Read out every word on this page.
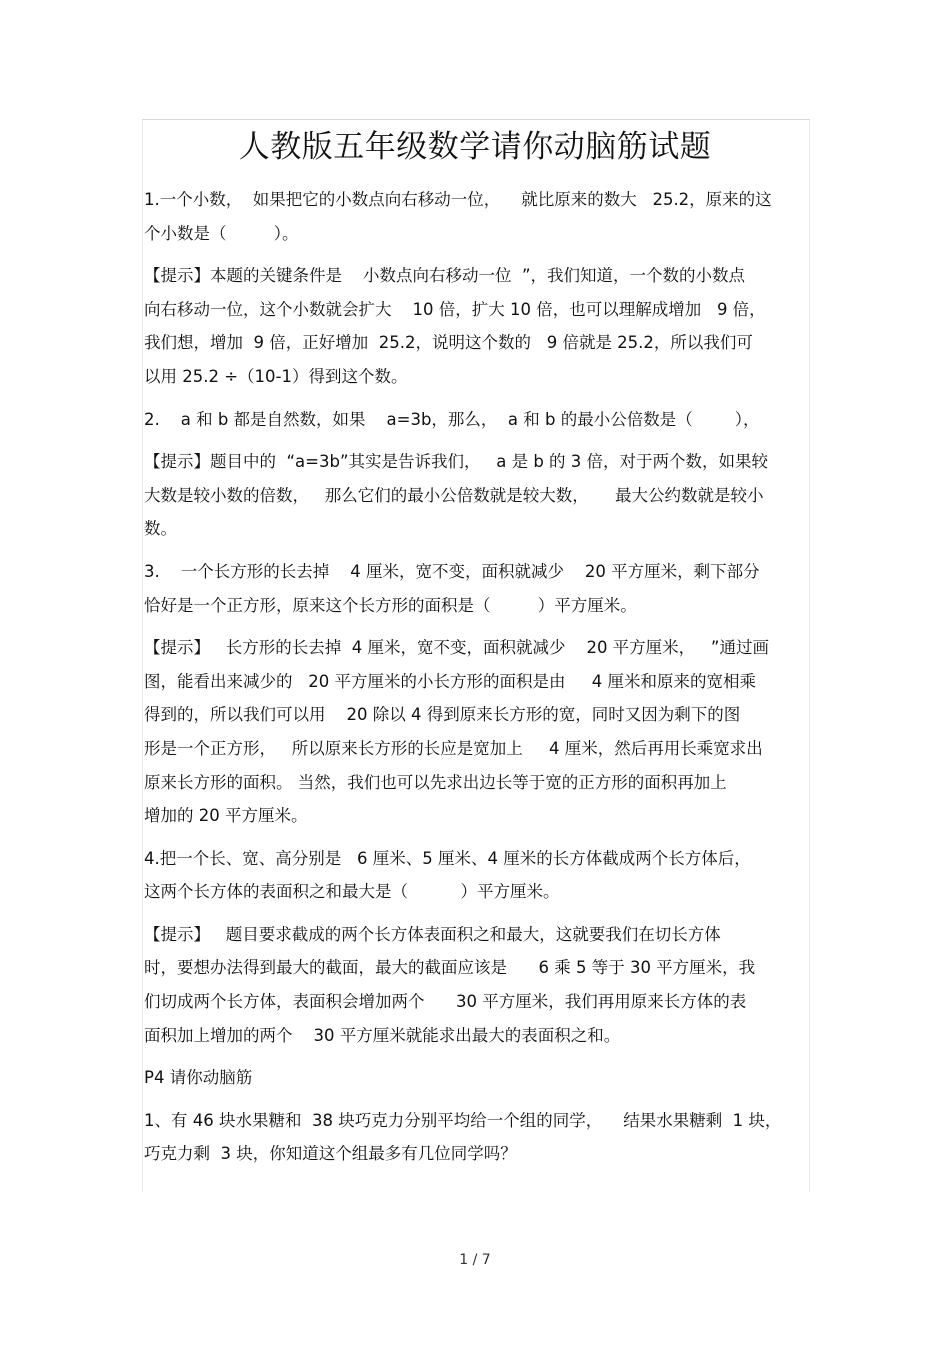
人教版五年级数学请你动脑筋试题
1.一个小数，  如果把它的小数点向右移动一位，    就比原来的数大   25.2，原来的这
个小数是（         ）。
【提示】本题的关键条件是    小数点向右移动一位  ”，我们知道，一个数的小数点
向右移动一位，这个小数就会扩大    10 倍，扩大 10 倍，也可以理解成增加   9 倍，
我们想，增加  9 倍，正好增加  25.2，说明这个数的   9 倍就是 25.2，所以我们可
以用 25.2 ÷（10-1）得到这个数。
2.    a 和 b 都是自然数，如果    a=3b，那么，  a 和 b 的最小公倍数是（        ），
【提示】题目中的  “a=3b”其实是告诉我们，   a 是 b 的 3 倍，对于两个数，如果较
大数是较小数的倍数，   那么它们的最小公倍数就是较大数，     最大公约数就是较小
数。
3.    一个长方形的长去掉    4 厘米，宽不变，面积就减少    20 平方厘米，剩下部分
恰好是一个正方形，原来这个长方形的面积是（         ）平方厘米。
【提示】   长方形的长去掉  4 厘米，宽不变，面积就减少    20 平方厘米，   ”通过画
图，能看出来减少的   20 平方厘米的小长方形的面积是由     4 厘米和原来的宽相乘
得到的，所以我们可以用    20 除以 4 得到原来长方形的宽，同时又因为剩下的图
形是一个正方形，   所以原来长方形的长应是宽加上     4 厘米，然后再用长乘宽求出
原来长方形的面积。 当然，我们也可以先求出边长等于宽的正方形的面积再加上
增加的 20 平方厘米。
4.把一个长、宽、高分别是   6 厘米、5 厘米、4 厘米的长方体截成两个长方体后，
这两个长方体的表面积之和最大是（          ）平方厘米。
【提示】   题目要求截成的两个长方体表面积之和最大，这就要我们在切长方体
时，要想办法得到最大的截面，最大的截面应该是      6 乘 5 等于 30 平方厘米，我
们切成两个长方体，表面积会增加两个      30 平方厘米，我们再用原来长方体的表
面积加上增加的两个    30 平方厘米就能求出最大的表面积之和。
P4 请你动脑筋
1、有 46 块水果糖和  38 块巧克力分别平均给一个组的同学，    结果水果糖剩  1 块，
巧克力剩  3 块，你知道这个组最多有几位同学吗？
1 / 7
